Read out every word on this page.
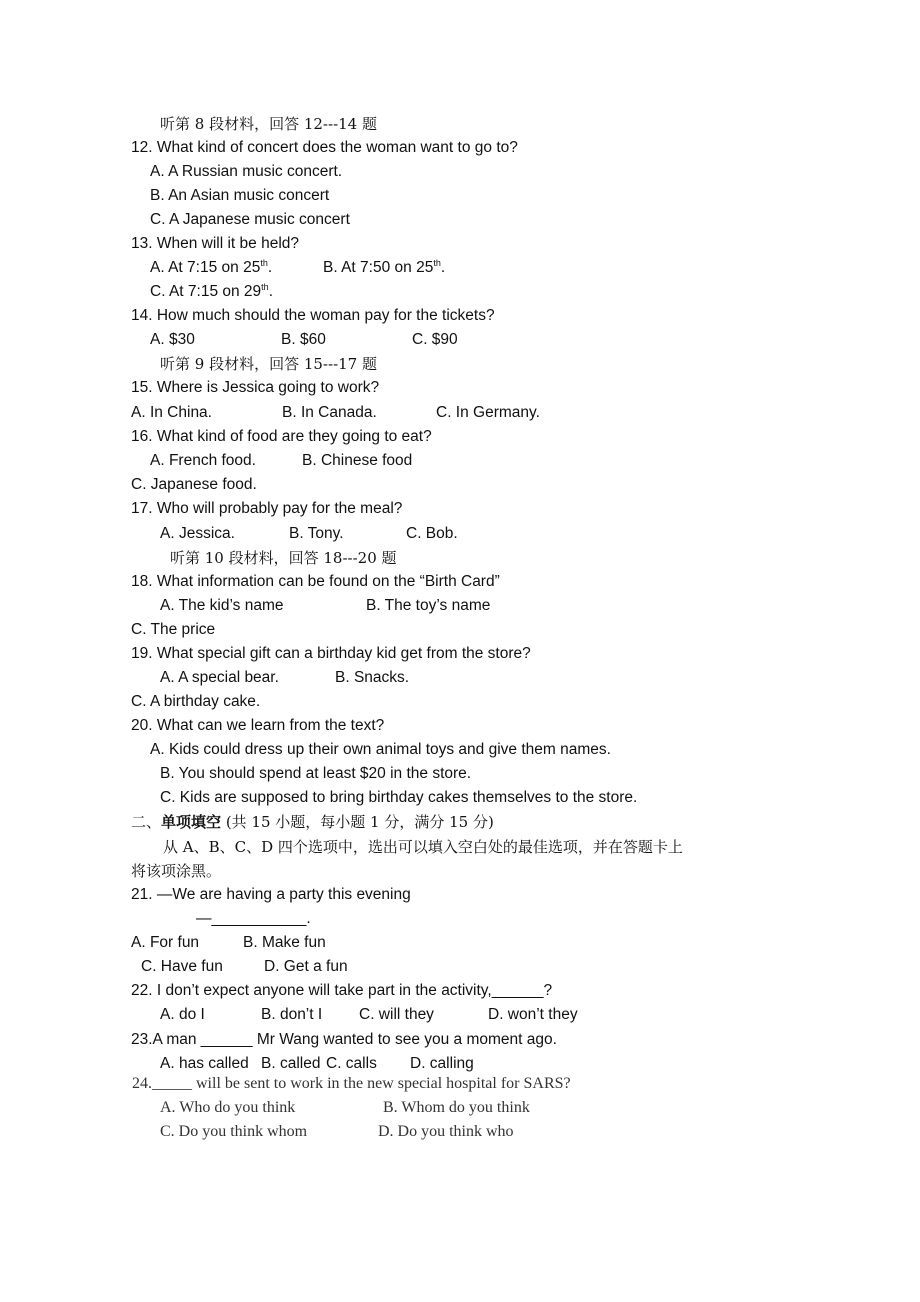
听第 8 段材料，回答 12---14 题
12. What kind of concert does the woman want to go to?
A. A Russian music concert.
B. An Asian music concert
C. A Japanese music concert
13. When will it be held?
A. At 7:15 on 25th.	B. At 7:50 on 25th.
C. At 7:15 on 29th.
14. How much should the woman pay for the tickets?
A. $30	B. $60	C. $90
听第 9 段材料，回答 15---17 题
15. Where is Jessica going to work?
A. In China.	B. In Canada.	C. In Germany.
16. What kind of food are they going to eat?
A. French food.	B. Chinese food
C. Japanese food.
17. Who will probably pay for the meal?
A. Jessica.	B. Tony.	C. Bob.
听第 10 段材料，回答 18---20 题
18. What information can be found on the “Birth Card”
A. The kid’s name	B. The toy’s name
C. The price
19. What special gift can a birthday kid get from the store?
A. A special bear.	B. Snacks.
C. A birthday cake.
20. What can we learn from the text?
A. Kids could dress up their own animal toys and give them names.
B. You should spend at least $20 in the store.
C. Kids are supposed to bring birthday cakes themselves to the store.
二、单项填空 (共 15 小题，每小题 1 分，满分 15 分)
从 A、B、C、D 四个选项中，选出可以填入空白处的最佳选项，并在答题卡上
将该项涂黑。
21. —We are having a party this evening
—___________.
A. For fun	B. Make fun
C. Have fun	D. Get a fun
22. I don’t expect anyone will take part in the activity,______?
A. do I	B. don’t I C. will they	D. won’t they
23.A man ______ Mr Wang wanted to see you a moment ago.
A. has called B. called C. calls D. calling
24._____ will be sent to work in the new special hospital for SARS?
A. Who do you think	B. Whom do you think
C. Do you think whom	D. Do you think who
